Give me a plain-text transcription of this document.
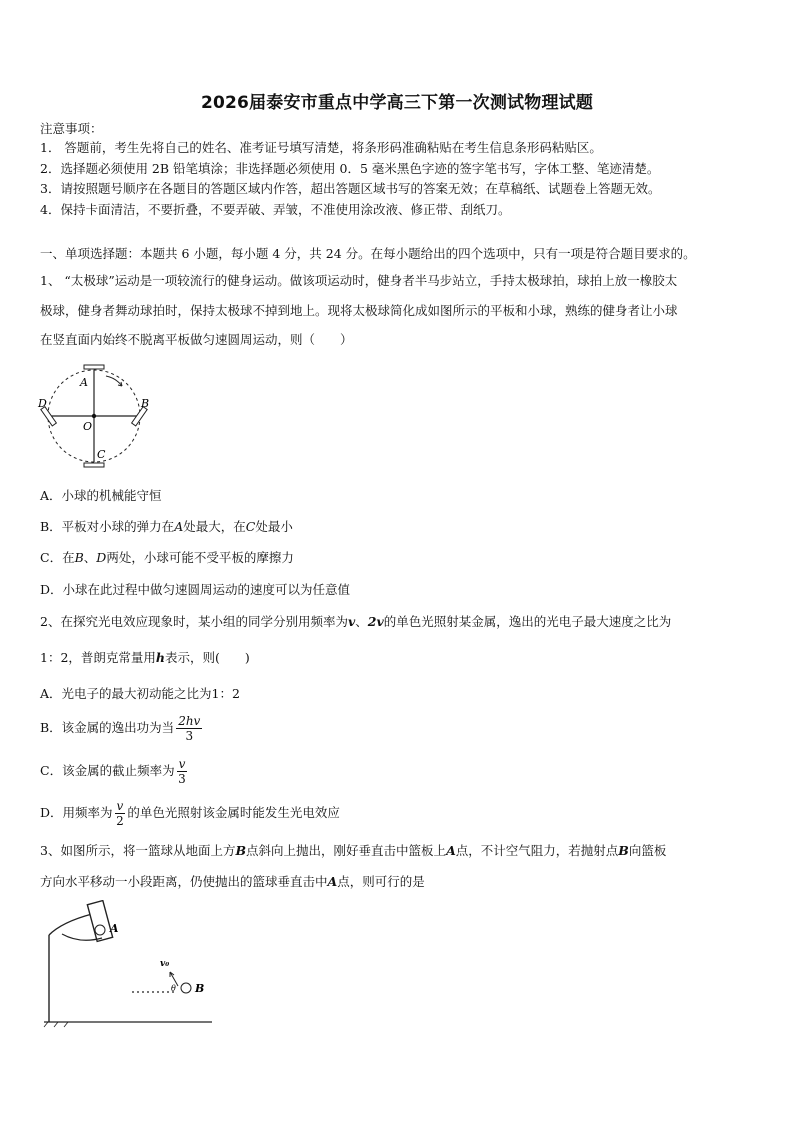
2026届泰安市重点中学高三下第一次测试物理试题
注意事项：
1． 答题前，考生先将自己的姓名、准考证号填写清楚，将条形码准确粘贴在考生信息条形码粘贴区。
2．选择题必须使用 2B 铅笔填涂；非选择题必须使用 0．5 毫米黑色字迹的签字笔书写，字体工整、笔迹清楚。
3．请按照题号顺序在各题目的答题区域内作答，超出答题区域书写的答案无效；在草稿纸、试题卷上答题无效。
4．保持卡面清洁，不要折叠，不要弄破、弄皱，不准使用涂改液、修正带、刮纸刀。
一、单项选择题：本题共 6 小题，每小题 4 分，共 24 分。在每小题给出的四个选项中，只有一项是符合题目要求的。
1、 “太极球”运动是一项较流行的健身运动。做该项运动时，健身者半马步站立，手持太极球拍，球拍上放一橡胶太
极球，健身者舞动球拍时，保持太极球不掉到地上。现将太极球简化成如图所示的平板和小球，熟练的健身者让小球
在竖直面内始终不脱离平板做匀速圆周运动，则（　　）
A
B
D
O
C
A．小球的机械能守恒
B．平板对小球的弹力在A处最大，在C处最小
C．在B、D两处，小球可能不受平板的摩擦力
D．小球在此过程中做匀速圆周运动的速度可以为任意值
2、在探究光电效应现象时，某小组的同学分别用频率为v、2v的单色光照射某金属，逸出的光电子最大速度之比为
1：2，普朗克常量用h表示，则(　　)
A．光电子的最大初动能之比为1：2
B．该金属的逸出功为当 $\frac{2hv}{3}$
C．该金属的截止频率为 $\frac{v}{3}$
D．用频率为 $\frac{v}{2}$ 的单色光照射该金属时能发生光电效应
3、如图所示，将一篮球从地面上方B点斜向上抛出，刚好垂直击中篮板上A点，不计空气阻力，若抛射点B向篮板
方向水平移动一小段距离，仍使抛出的篮球垂直击中A点，则可行的是
A
v₀
θ B
